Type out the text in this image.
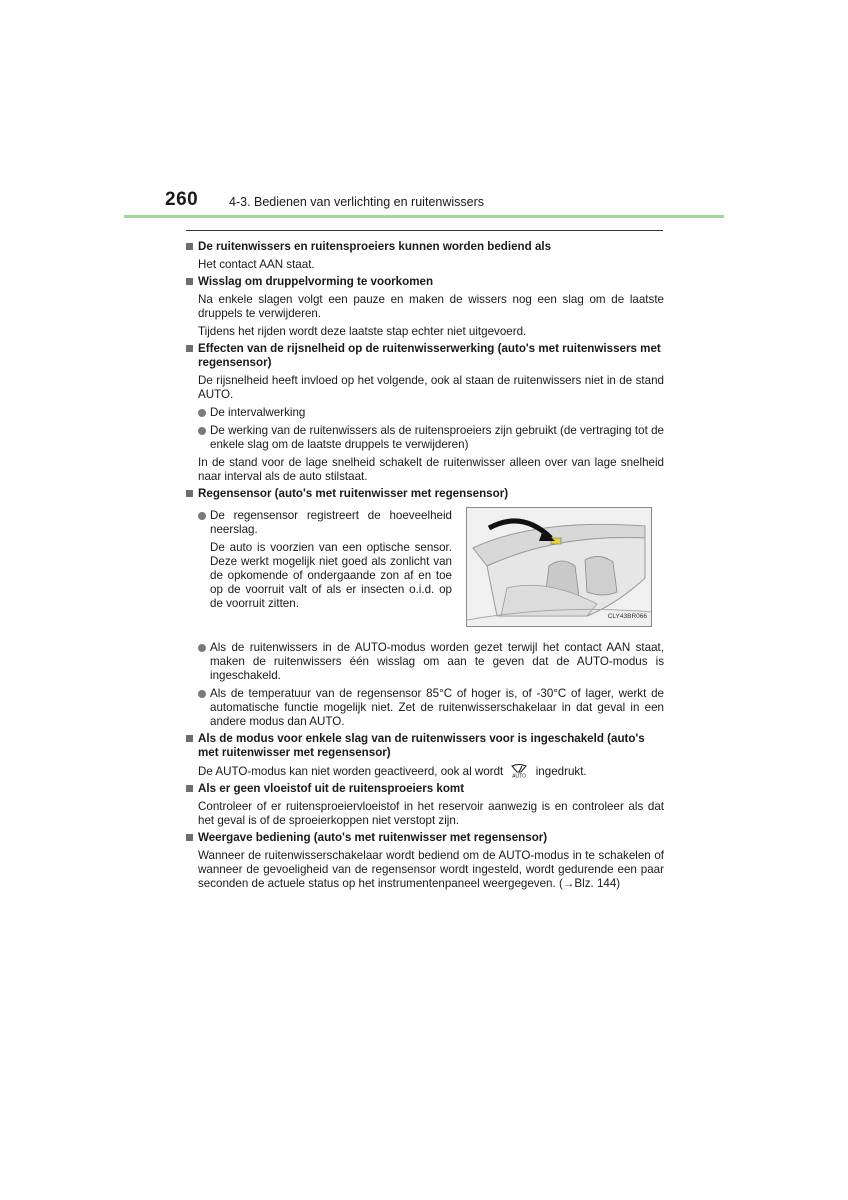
260 4-3. Bedienen van verlichting en ruitenwissers
De ruitenwissers en ruitensproeiers kunnen worden bediend als
Het contact AAN staat.
Wisslag om druppelvorming te voorkomen
Na enkele slagen volgt een pauze en maken de wissers nog een slag om de laatste druppels te verwijderen.
Tijdens het rijden wordt deze laatste stap echter niet uitgevoerd.
Effecten van de rijsnelheid op de ruitenwisserwerking (auto's met ruitenwissers met regensensor)
De rijsnelheid heeft invloed op het volgende, ook al staan de ruitenwissers niet in de stand AUTO.
De intervalwerking
De werking van de ruitenwissers als de ruitensproeiers zijn gebruikt (de vertraging tot de enkele slag om de laatste druppels te verwijderen)
In de stand voor de lage snelheid schakelt de ruitenwisser alleen over van lage snelheid naar interval als de auto stilstaat.
Regensensor (auto's met ruitenwisser met regensensor)
De regensensor registreert de hoeveelheid neerslag.
De auto is voorzien van een optische sensor. Deze werkt mogelijk niet goed als zonlicht van de opkomende of ondergaande zon af en toe op de voorruit valt of als er insecten o.i.d. op de voorruit zitten.
CLY43BR066
Als de ruitenwissers in de AUTO-modus worden gezet terwijl het contact AAN staat, maken de ruitenwissers één wisslag om aan te geven dat de AUTO-modus is ingeschakeld.
Als de temperatuur van de regensensor 85°C of hoger is, of -30°C of lager, werkt de automatische functie mogelijk niet. Zet de ruitenwisserschakelaar in dat geval in een andere modus dan AUTO.
Als de modus voor enkele slag van de ruitenwissers voor is ingeschakeld (auto's met ruitenwisser met regensensor)
De AUTO-modus kan niet worden geactiveerd, ook al wordt AUTO ingedrukt.
Als er geen vloeistof uit de ruitensproeiers komt
Controleer of er ruitensproeiervloeistof in het reservoir aanwezig is en controleer als dat het geval is of de sproeierkoppen niet verstopt zijn.
Weergave bediening (auto's met ruitenwisser met regensensor)
Wanneer de ruitenwisserschakelaar wordt bediend om de AUTO-modus in te schakelen of wanneer de gevoeligheid van de regensensor wordt ingesteld, wordt gedurende een paar seconden de actuele status op het instrumentenpaneel weergegeven. (→Blz. 144)
